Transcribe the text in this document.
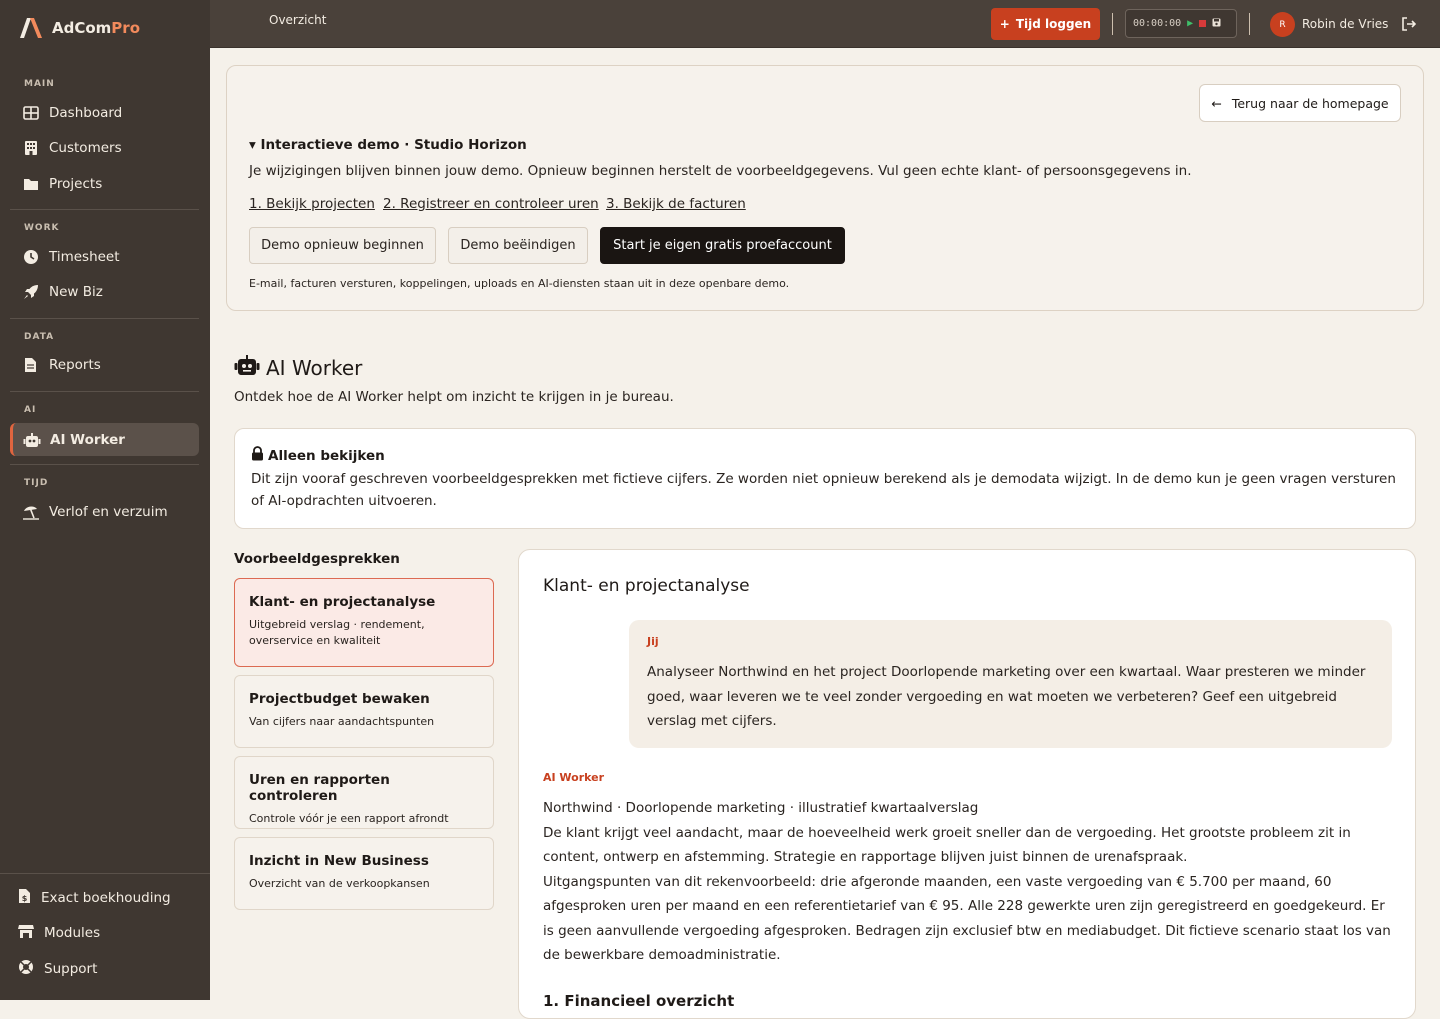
AdComPro
MAIN
Dashboard
Customers
Projects
WORK
Timesheet
New Biz
DATA
Reports
AI
AI Worker
TIJD
Verlof en verzuim
$ Exact boekhouding
Modules
Support
Overzicht	+ Tijd loggen	00:00:00 ▶	R	Robin de Vries
← Terug naar de homepage
▾ Interactieve demo · Studio Horizon
Je wijzigingen blijven binnen jouw demo. Opnieuw beginnen herstelt de voorbeeldgegevens. Vul geen echte klant- of persoonsgegevens in.
1. Bekijk projecten 2. Registreer en controleer uren 3. Bekijk de facturen
Demo opnieuw beginnen	Demo beëindigen	Start je eigen gratis proefaccount
E-mail, facturen versturen, koppelingen, uploads en AI-diensten staan uit in deze openbare demo.
AI Worker
Ontdek hoe de AI Worker helpt om inzicht te krijgen in je bureau.
Alleen bekijken
Dit zijn vooraf geschreven voorbeeldgesprekken met fictieve cijfers. Ze worden niet opnieuw berekend als je demodata wijzigt. In de demo kun je geen vragen versturen of AI-opdrachten uitvoeren.
Voorbeeldgesprekken
Klant- en projectanalyse
Uitgebreid verslag · rendement, overservice en kwaliteit
Projectbudget bewaken
Van cijfers naar aandachtspunten
Uren en rapporten controleren
Controle vóór je een rapport afrondt
Inzicht in New Business
Overzicht van de verkoopkansen
Klant- en projectanalyse
Jij
Analyseer Northwind en het project Doorlopende marketing over een kwartaal. Waar presteren we minder goed, waar leveren we te veel zonder vergoeding en wat moeten we verbeteren? Geef een uitgebreid verslag met cijfers.
AI Worker
Northwind · Doorlopende marketing · illustratief kwartaalverslag
De klant krijgt veel aandacht, maar de hoeveelheid werk groeit sneller dan de vergoeding. Het grootste probleem zit in content, ontwerp en afstemming. Strategie en rapportage blijven juist binnen de urenafspraak.
Uitgangspunten van dit rekenvoorbeeld: drie afgeronde maanden, een vaste vergoeding van € 5.700 per maand, 60 afgesproken uren per maand en een referentietarief van € 95. Alle 228 gewerkte uren zijn geregistreerd en goedgekeurd. Er is geen aanvullende vergoeding afgesproken. Bedragen zijn exclusief btw en mediabudget. Dit fictieve scenario staat los van de bewerkbare demoadministratie.
1. Financieel overzicht
